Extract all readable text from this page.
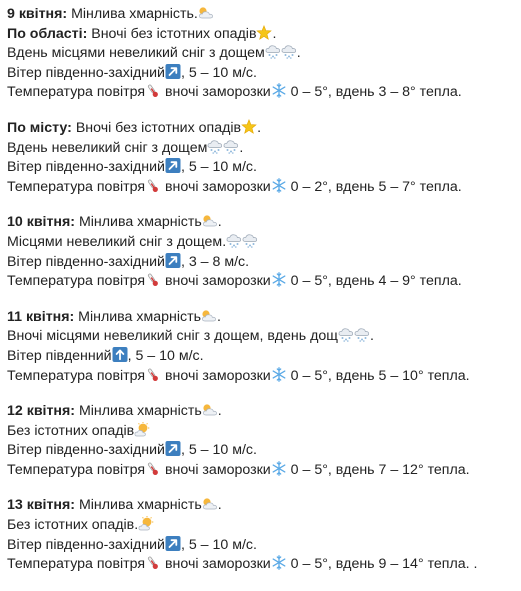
9 квітня: Мінлива хмарність.
По області: Вночі без істотних опадів .
Вдень місцями невеликий сніг з дощем .
Вітер південно-західний , 5 – 10 м/с.
Температура повітря
вночі заморозки
0 – 5°, вдень 3 – 8° тепла.
По місту: Вночі без істотних опадів .
Вдень невеликий сніг з дощем .
Вітер південно-західний , 5 – 10 м/с.
Температура повітря
вночі заморозки
0 – 2°, вдень 5 – 7° тепла.
10 квітня: Мінлива хмарність .
Місцями невеликий сніг з дощем.
Вітер південно-західний , 3 – 8 м/с.
Температура повітря
вночі заморозки
0 – 5°, вдень 4 – 9° тепла.
11 квітня: Мінлива хмарність .
Вночі місцями невеликий сніг з дощем, вдень дощ .
Вітер південний , 5 – 10 м/с.
Температура повітря
вночі заморозки
0 – 5°, вдень 5 – 10° тепла.
12 квітня: Мінлива хмарність .
Без істотних опадів
Вітер південно-західний , 5 – 10 м/с.
Температура повітря
вночі заморозки
0 – 5°, вдень 7 – 12° тепла.
13 квітня: Мінлива хмарність .
Без істотних опадів.
Вітер південно-західний , 5 – 10 м/с.
Температура повітря
вночі заморозки
0 – 5°, вдень 9 – 14° тепла. .
